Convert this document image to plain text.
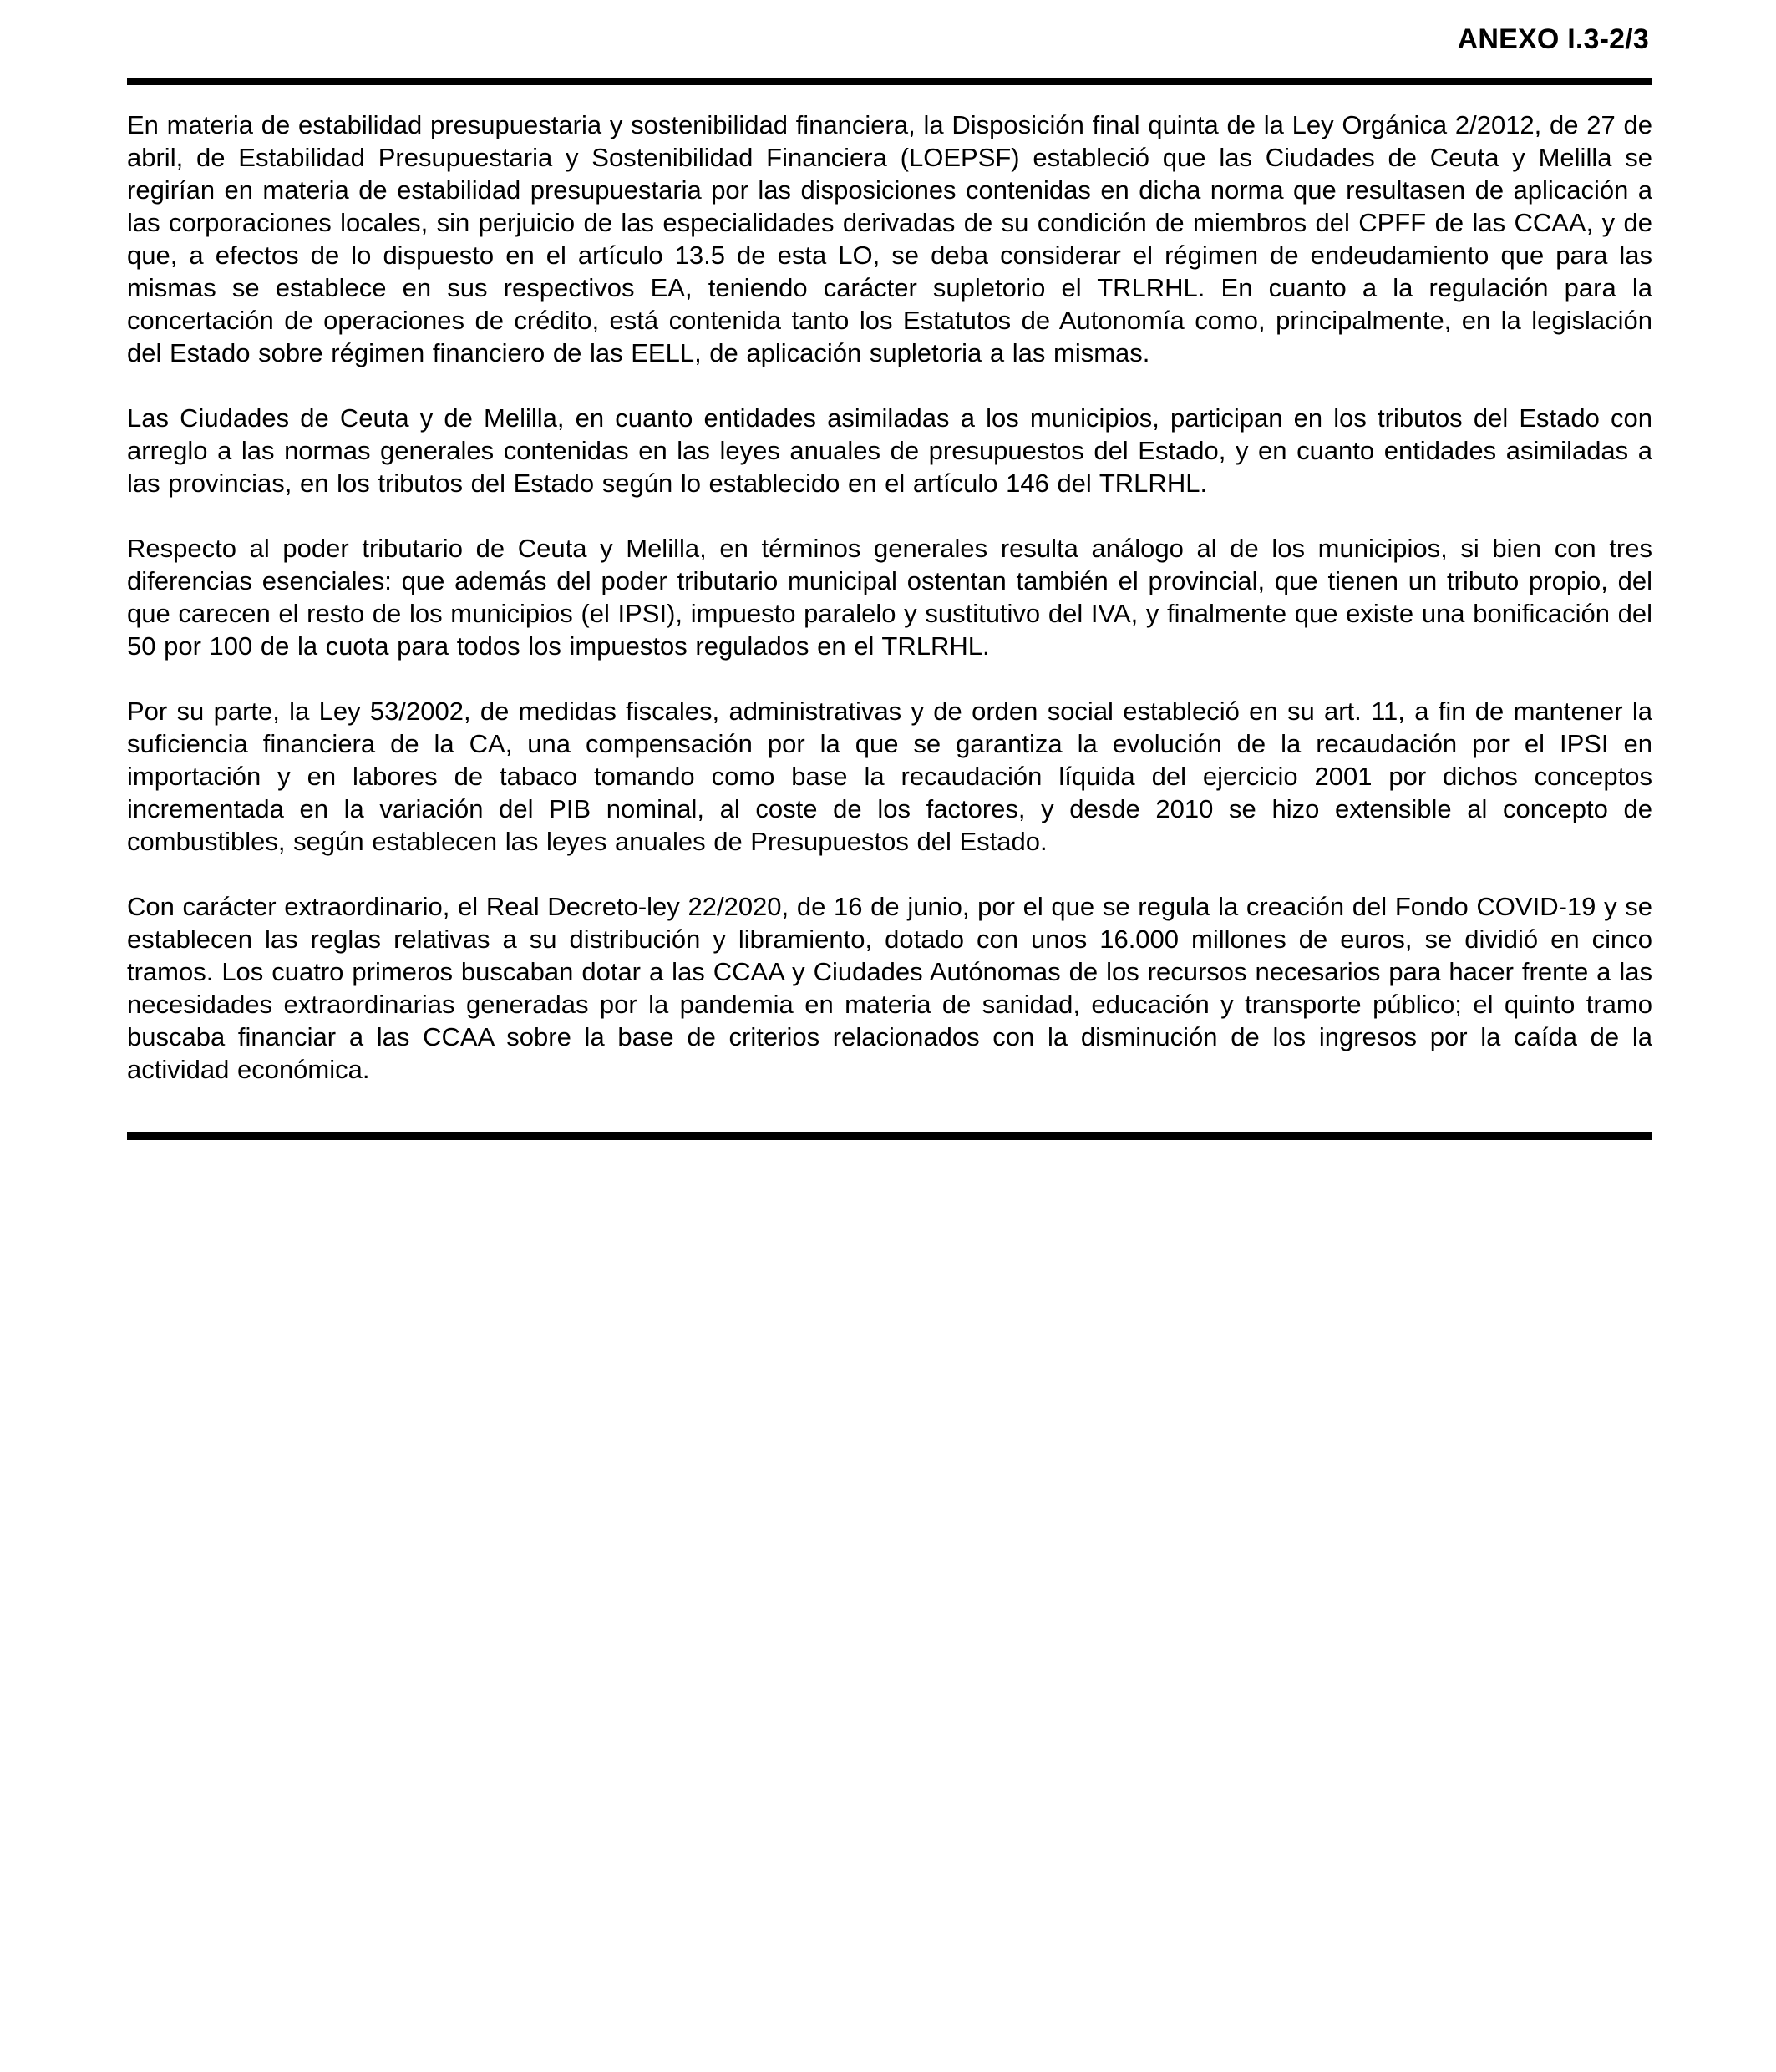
ANEXO I.3-2/3

En materia de estabilidad presupuestaria y sostenibilidad financiera, la Disposición final quinta de la Ley Orgánica 2/2012, de 27 de abril, de Estabilidad Presupuestaria y Sostenibilidad Financiera (LOEPSF) estableció que las Ciudades de Ceuta y Melilla se regirían en materia de estabilidad presupuestaria por las disposiciones contenidas en dicha norma que resultasen de aplicación a las corporaciones locales, sin perjuicio de las especialidades derivadas de su condición de miembros del CPFF de las CCAA, y de que, a efectos de lo dispuesto en el artículo 13.5 de esta LO, se deba considerar el régimen de endeudamiento que para las mismas se establece en sus respectivos EA, teniendo carácter supletorio el TRLRHL. En cuanto a la regulación para la concertación de operaciones de crédito, está contenida tanto los Estatutos de Autonomía como, principalmente, en la legislación del Estado sobre régimen financiero de las EELL, de aplicación supletoria a las mismas.

Las Ciudades de Ceuta y de Melilla, en cuanto entidades asimiladas a los municipios, participan en los tributos del Estado con arreglo a las normas generales contenidas en las leyes anuales de presupuestos del Estado, y en cuanto entidades asimiladas a las provincias, en los tributos del Estado según lo establecido en el artículo 146 del TRLRHL.

Respecto al poder tributario de Ceuta y Melilla, en términos generales resulta análogo al de los municipios, si bien con tres diferencias esenciales: que además del poder tributario municipal ostentan también el provincial, que tienen un tributo propio, del que carecen el resto de los municipios (el IPSI), impuesto paralelo y sustitutivo del IVA, y finalmente que existe una bonificación del 50 por 100 de la cuota para todos los impuestos regulados en el TRLRHL.

Por su parte, la Ley 53/2002, de medidas fiscales, administrativas y de orden social estableció en su art. 11, a fin de mantener la suficiencia financiera de la CA, una compensación por la que se garantiza la evolución de la recaudación por el IPSI en importación y en labores de tabaco tomando como base la recaudación líquida del ejercicio 2001 por dichos conceptos incrementada en la variación del PIB nominal, al coste de los factores, y desde 2010 se hizo extensible al concepto de combustibles, según establecen las leyes anuales de Presupuestos del Estado.

Con carácter extraordinario, el Real Decreto-ley 22/2020, de 16 de junio, por el que se regula la creación del Fondo COVID-19 y se establecen las reglas relativas a su distribución y libramiento, dotado con unos 16.000 millones de euros, se dividió en cinco tramos. Los cuatro primeros buscaban dotar a las CCAA y Ciudades Autónomas de los recursos necesarios para hacer frente a las necesidades extraordinarias generadas por la pandemia en materia de sanidad, educación y transporte público; el quinto tramo buscaba financiar a las CCAA sobre la base de criterios relacionados con la disminución de los ingresos por la caída de la actividad económica.
